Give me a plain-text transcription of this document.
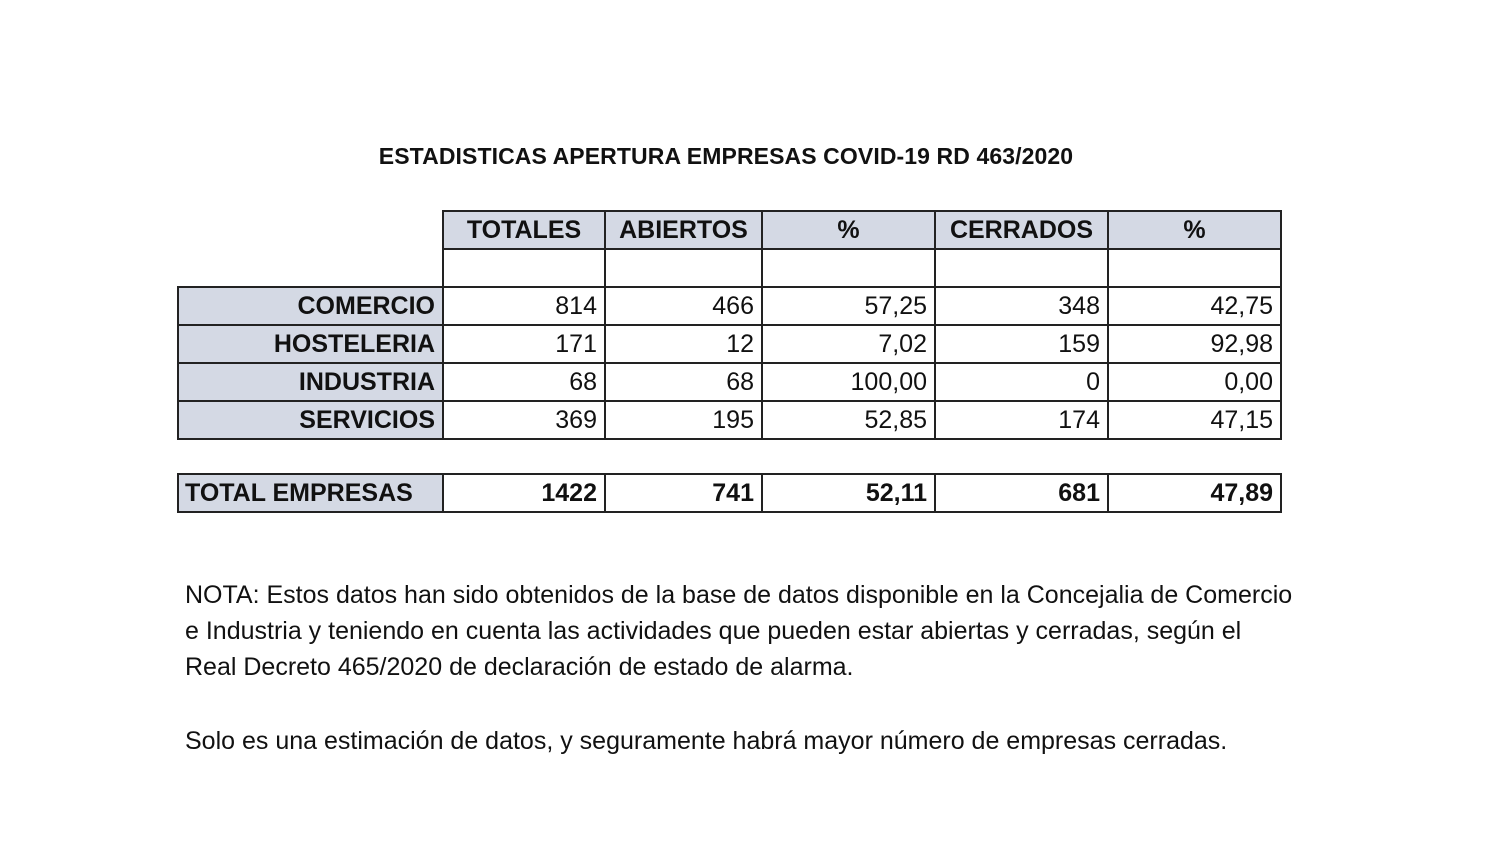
ESTADISTICAS APERTURA EMPRESAS COVID-19 RD 463/2020
	TOTALES	ABIERTOS	%	CERRADOS	%

COMERCIO	814	466	57,25	348	42,75
HOSTELERIA	171	12	7,02	159	92,98
INDUSTRIA	68	68	100,00	0	0,00
SERVICIOS	369	195	52,85	174	47,15

TOTAL EMPRESAS	1422	741	52,11	681	47,89

NOTA: Estos datos han sido obtenidos de la base de datos disponible en la Concejalia de Comercio e Industria y teniendo en cuenta las actividades que pueden estar abiertas y cerradas, según el Real Decreto 465/2020 de declaración de estado de alarma.

Solo es una estimación de datos, y seguramente habrá mayor número de empresas cerradas.
